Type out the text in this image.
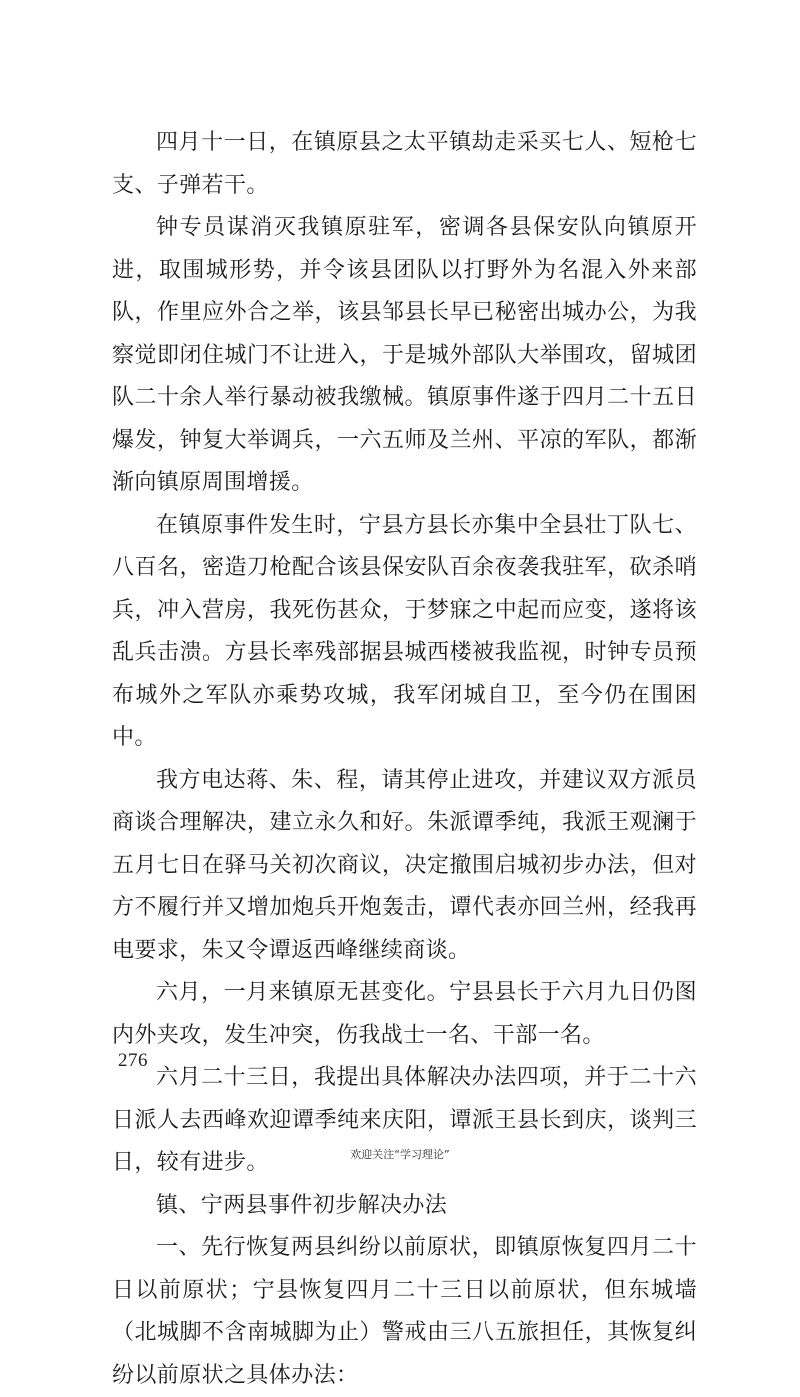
四月十一日，在镇原县之太平镇劫走采买七人、短枪七支、子弹若干。

钟专员谋消灭我镇原驻军，密调各县保安队向镇原开进，取围城形势，并令该县团队以打野外为名混入外来部队，作里应外合之举，该县邹县长早已秘密出城办公，为我察觉即闭住城门不让进入，于是城外部队大举围攻，留城团队二十余人举行暴动被我缴械。镇原事件遂于四月二十五日爆发，钟复大举调兵，一六五师及兰州、平凉的军队，都渐渐向镇原周围增援。

在镇原事件发生时，宁县方县长亦集中全县壮丁队七、八百名，密造刀枪配合该县保安队百余夜袭我驻军，砍杀哨兵，冲入营房，我死伤甚众，于梦寐之中起而应变，遂将该乱兵击溃。方县长率残部据县城西楼被我监视，时钟专员预布城外之军队亦乘势攻城，我军闭城自卫，至今仍在围困中。

我方电达蒋、朱、程，请其停止进攻，并建议双方派员商谈合理解决，建立永久和好。朱派谭季纯，我派王观澜于五月七日在驿马关初次商议，决定撤围启城初步办法，但对方不履行并又增加炮兵开炮轰击，谭代表亦回兰州，经我再电要求，朱又令谭返西峰继续商谈。

六月，一月来镇原无甚变化。宁县县长于六月九日仍图内外夹攻，发生冲突，伤我战士一名、干部一名。

六月二十三日，我提出具体解决办法四项，并于二十六日派人去西峰欢迎谭季纯来庆阳，谭派王县长到庆，谈判三日，较有进步。

镇、宁两县事件初步解决办法

一、先行恢复两县纠纷以前原状，即镇原恢复四月二十日以前原状；宁县恢复四月二十三日以前原状，但东城墙（北城脚不含南城脚为止）警戒由三八五旅担任，其恢复纠纷以前原状之具体办法：

276
欢迎关注“学习理论”
